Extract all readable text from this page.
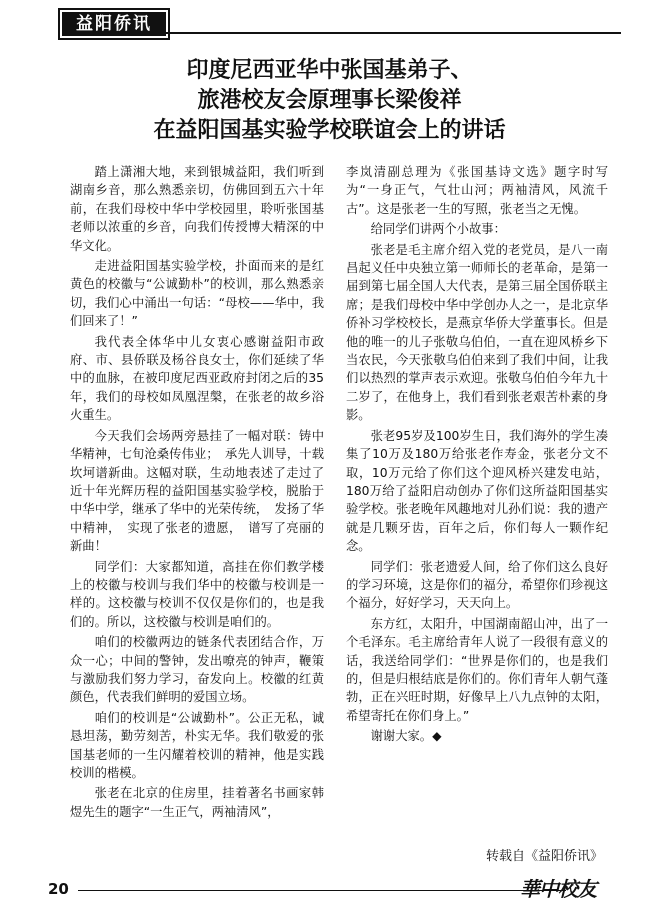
益阳侨讯
印度尼西亚华中张国基弟子、
旅港校友会原理事长梁俊祥
在益阳国基实验学校联谊会上的讲话

踏上潇湘大地，来到银城益阳，我们听到湖南乡音，那么熟悉亲切，仿佛回到五六十年前，在我们母校中华中学校园里，聆听张国基老师以浓重的乡音，向我们传授博大精深的中华文化。

走进益阳国基实验学校，扑面而来的是红黄色的校徽与“公诚勤朴”的校训，那么熟悉亲切，我们心中涌出一句话：“母校——华中，我们回来了！”

我代表全体华中儿女衷心感谢益阳市政府、市、县侨联及杨谷良女士，你们延续了华中的血脉，在被印度尼西亚政府封闭之后的35年，我们的母校如凤凰涅槃，在张老的故乡浴火重生。

今天我们会场两旁悬挂了一幅对联：铸中华精神，七旬沧桑传伟业；　承先人训导，十载坎坷谱新曲。这幅对联，生动地表述了走过了近十年光辉历程的益阳国基实验学校，脱胎于中华中学，继承了华中的光荣传统，　发扬了华中精神，　实现了张老的遗愿，　谱写了亮丽的新曲！

同学们：大家都知道，高挂在你们教学楼上的校徽与校训与我们华中的校徽与校训是一样的。这校徽与校训不仅仅是你们的，也是我们的。所以，这校徽与校训是咱们的。

咱们的校徽两边的链条代表团结合作，万众一心；中间的警钟，发出嘹亮的钟声，鞭策与激励我们努力学习，奋发向上。校徽的红黄颜色，代表我们鲜明的爱国立场。

咱们的校训是“公诚勤朴”。公正无私，诚恳坦荡，勤劳刻苦，朴实无华。我们敬爱的张国基老师的一生闪耀着校训的精神，他是实践校训的楷模。

张老在北京的住房里，挂着著名书画家韩煜先生的题字“一生正气，两袖清风”，

李岚清副总理为《张国基诗文选》题字时写为“一身正气，气壮山河；两袖清风，风流千古”。这是张老一生的写照，张老当之无愧。

给同学们讲两个小故事：

张老是毛主席介绍入党的老党员，是八一南昌起义任中央独立第一师师长的老革命，是第一届到第七届全国人大代表，是第三届全国侨联主席；是我们母校中华中学创办人之一，是北京华侨补习学校校长，是燕京华侨大学董事长。但是他的唯一的儿子张敬乌伯伯，一直在迎风桥乡下当农民，今天张敬乌伯伯来到了我们中间，让我们以热烈的掌声表示欢迎。张敬乌伯伯今年九十二岁了，在他身上，我们看到张老艰苦朴素的身影。

张老95岁及100岁生日，我们海外的学生凑集了10万及180万给张老作寿金，张老分文不取，10万元给了你们这个迎风桥兴建发电站，180万给了益阳启动创办了你们这所益阳国基实验学校。张老晚年风趣地对儿孙们说：我的遗产就是几颗牙齿，百年之后，你们每人一颗作纪念。

同学们：张老遗爱人间，给了你们这么良好的学习环境，这是你们的福分，希望你们珍视这个福分，好好学习，天天向上。

东方红，太阳升，中国湖南韶山冲，出了一个毛泽东。毛主席给青年人说了一段很有意义的话，我送给同学们：“世界是你们的，也是我们的，但是归根结底是你们的。你们青年人朝气蓬勃，正在兴旺时期，好像早上八九点钟的太阳，希望寄托在你们身上。”

谢谢大家。◆

转载自《益阳侨讯》
20	華中校友
